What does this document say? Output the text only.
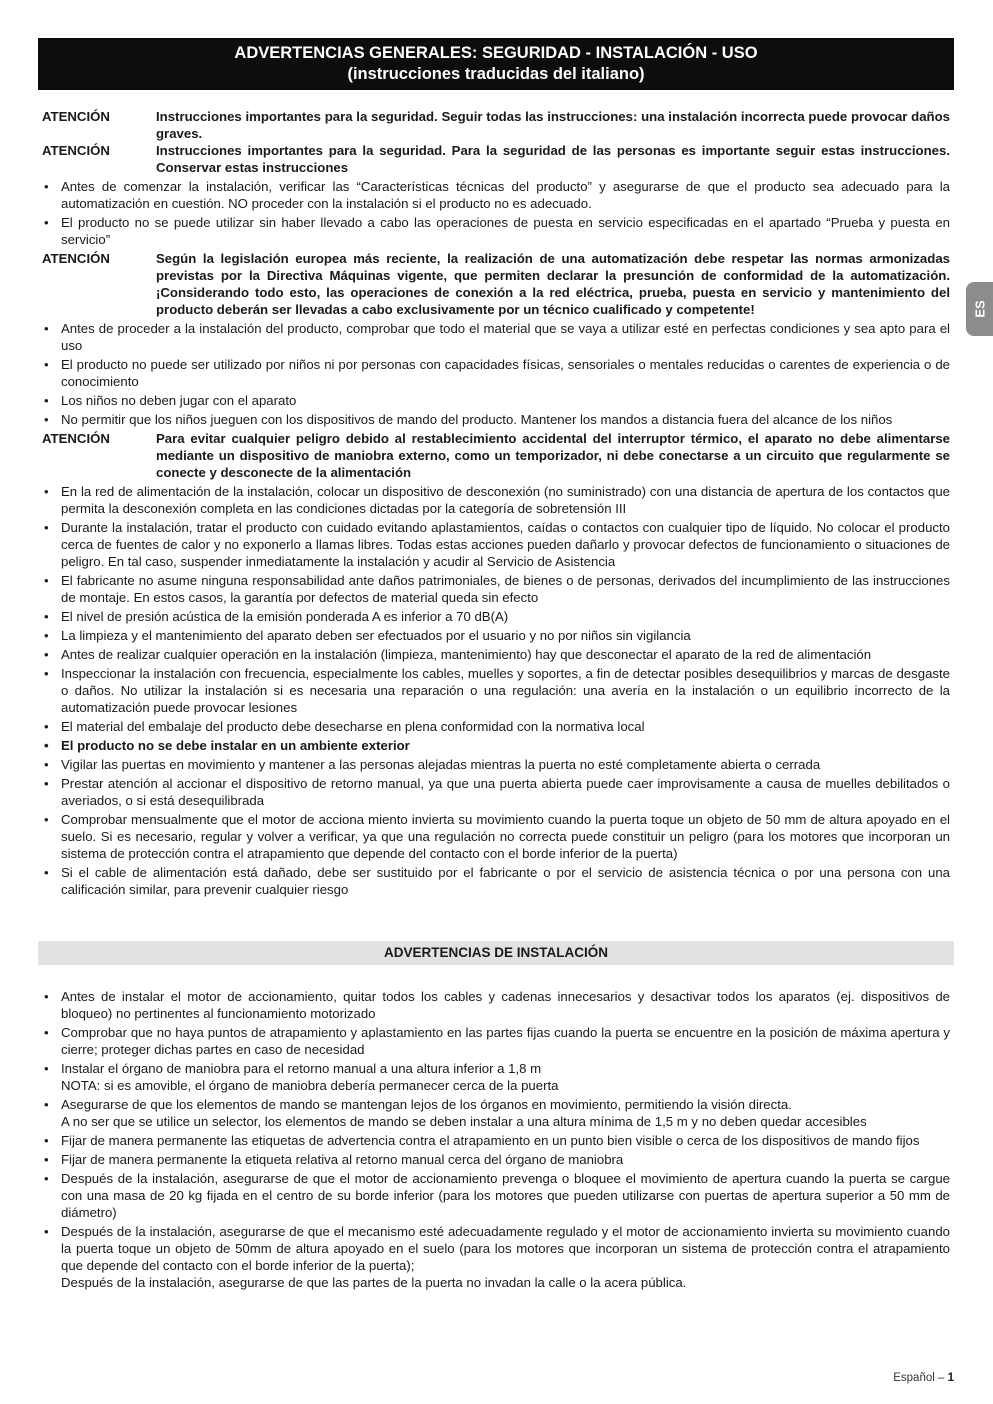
ADVERTENCIAS GENERALES: SEGURIDAD - INSTALACIÓN - USO
(instrucciones traducidas del italiano)
ES
ATENCIÓN	Instrucciones importantes para la seguridad. Seguir todas las instrucciones: una instalación incorrecta puede provocar daños graves.
ATENCIÓN	Instrucciones importantes para la seguridad. Para la seguridad de las personas es importante seguir estas instrucciones. Conservar estas instrucciones
• Antes de comenzar la instalación, verificar las “Características técnicas del producto” y asegurarse de que el producto sea adecuado para la automatización en cuestión. NO proceder con la instalación si el producto no es adecuado.
• El producto no se puede utilizar sin haber llevado a cabo las operaciones de puesta en servicio especificadas en el apartado “Prueba y puesta en servicio”
ATENCIÓN	Según la legislación europea más reciente, la realización de una automatización debe respetar las normas armonizadas previstas por la Directiva Máquinas vigente, que permiten declarar la presunción de conformidad de la automatización. ¡Considerando todo esto, las operaciones de conexión a la red eléctrica, prueba, puesta en servicio y mantenimiento del producto deberán ser llevadas a cabo exclusivamente por un técnico cualificado y competente!
• Antes de proceder a la instalación del producto, comprobar que todo el material que se vaya a utilizar esté en perfectas condiciones y sea apto para el uso
• El producto no puede ser utilizado por niños ni por personas con capacidades físicas, sensoriales o mentales reducidas o carentes de experiencia o de conocimiento
• Los niños no deben jugar con el aparato
• No permitir que los niños jueguen con los dispositivos de mando del producto. Mantener los mandos a distancia fuera del alcance de los niños
ATENCIÓN	Para evitar cualquier peligro debido al restablecimiento accidental del interruptor térmico, el aparato no debe alimentarse mediante un dispositivo de maniobra externo, como un temporizador, ni debe conectarse a un circuito que regularmente se conecte y desconecte de la alimentación
• En la red de alimentación de la instalación, colocar un dispositivo de desconexión (no suministrado) con una distancia de apertura de los contactos que permita la desconexión completa en las condiciones dictadas por la categoría de sobretensión III
• Durante la instalación, tratar el producto con cuidado evitando aplastamientos, caídas o contactos con cualquier tipo de líquido. No colocar el producto cerca de fuentes de calor y no exponerlo a llamas libres. Todas estas acciones pueden dañarlo y provocar defectos de funcionamiento o situaciones de peligro. En tal caso, suspender inmediatamente la instalación y acudir al Servicio de Asistencia
• El fabricante no asume ninguna responsabilidad ante daños patrimoniales, de bienes o de personas, derivados del incumplimiento de las instrucciones de montaje. En estos casos, la garantía por defectos de material queda sin efecto
• El nivel de presión acústica de la emisión ponderada A es inferior a 70 dB(A)
• La limpieza y el mantenimiento del aparato deben ser efectuados por el usuario y no por niños sin vigilancia
• Antes de realizar cualquier operación en la instalación (limpieza, mantenimiento) hay que desconectar el aparato de la red de alimentación
• Inspeccionar la instalación con frecuencia, especialmente los cables, muelles y soportes, a fin de detectar posibles desequilibrios y marcas de desgaste o daños. No utilizar la instalación si es necesaria una reparación o una regulación: una avería en la instalación o un equilibrio incorrecto de la automatización puede provocar lesiones
• El material del embalaje del producto debe desecharse en plena conformidad con la normativa local
• El producto no se debe instalar en un ambiente exterior
• Vigilar las puertas en movimiento y mantener a las personas alejadas mientras la puerta no esté completamente abierta o cerrada
• Prestar atención al accionar el dispositivo de retorno manual, ya que una puerta abierta puede caer improvisamente a causa de muelles debilitados o averiados, o si está desequilibrada
• Comprobar mensualmente que el motor de acciona miento invierta su movimiento cuando la puerta toque un objeto de 50 mm de altura apoyado en el suelo. Si es necesario, regular y volver a verificar, ya que una regulación no correcta puede constituir un peligro (para los motores que incorporan un sistema de protección contra el atrapamiento que depende del contacto con el borde inferior de la puerta)
• Si el cable de alimentación está dañado, debe ser sustituido por el fabricante o por el servicio de asistencia técnica o por una persona con una calificación similar, para prevenir cualquier riesgo
ADVERTENCIAS DE INSTALACIÓN
• Antes de instalar el motor de accionamiento, quitar todos los cables y cadenas innecesarios y desactivar todos los aparatos (ej. dispositivos de bloqueo) no pertinentes al funcionamiento motorizado
• Comprobar que no haya puntos de atrapamiento y aplastamiento en las partes fijas cuando la puerta se encuentre en la posición de máxima apertura y cierre; proteger dichas partes en caso de necesidad
• Instalar el órgano de maniobra para el retorno manual a una altura inferior a 1,8 m
NOTA: si es amovible, el órgano de maniobra debería permanecer cerca de la puerta
• Asegurarse de que los elementos de mando se mantengan lejos de los órganos en movimiento, permitiendo la visión directa.
A no ser que se utilice un selector, los elementos de mando se deben instalar a una altura mínima de 1,5 m y no deben quedar accesibles
• Fijar de manera permanente las etiquetas de advertencia contra el atrapamiento en un punto bien visible o cerca de los dispositivos de mando fijos
• Fijar de manera permanente la etiqueta relativa al retorno manual cerca del órgano de maniobra
• Después de la instalación, asegurarse de que el motor de accionamiento prevenga o bloquee el movimiento de apertura cuando la puerta se cargue con una masa de 20 kg fijada en el centro de su borde inferior (para los motores que pueden utilizarse con puertas de apertura superior a 50 mm de diámetro)
• Después de la instalación, asegurarse de que el mecanismo esté adecuadamente regulado y el motor de accionamiento invierta su movimiento cuando la puerta toque un objeto de 50mm de altura apoyado en el suelo (para los motores que incorporan un sistema de protección contra el atrapamiento que depende del contacto con el borde inferior de la puerta);
Después de la instalación, asegurarse de que las partes de la puerta no invadan la calle o la acera pública.
Español – 1
